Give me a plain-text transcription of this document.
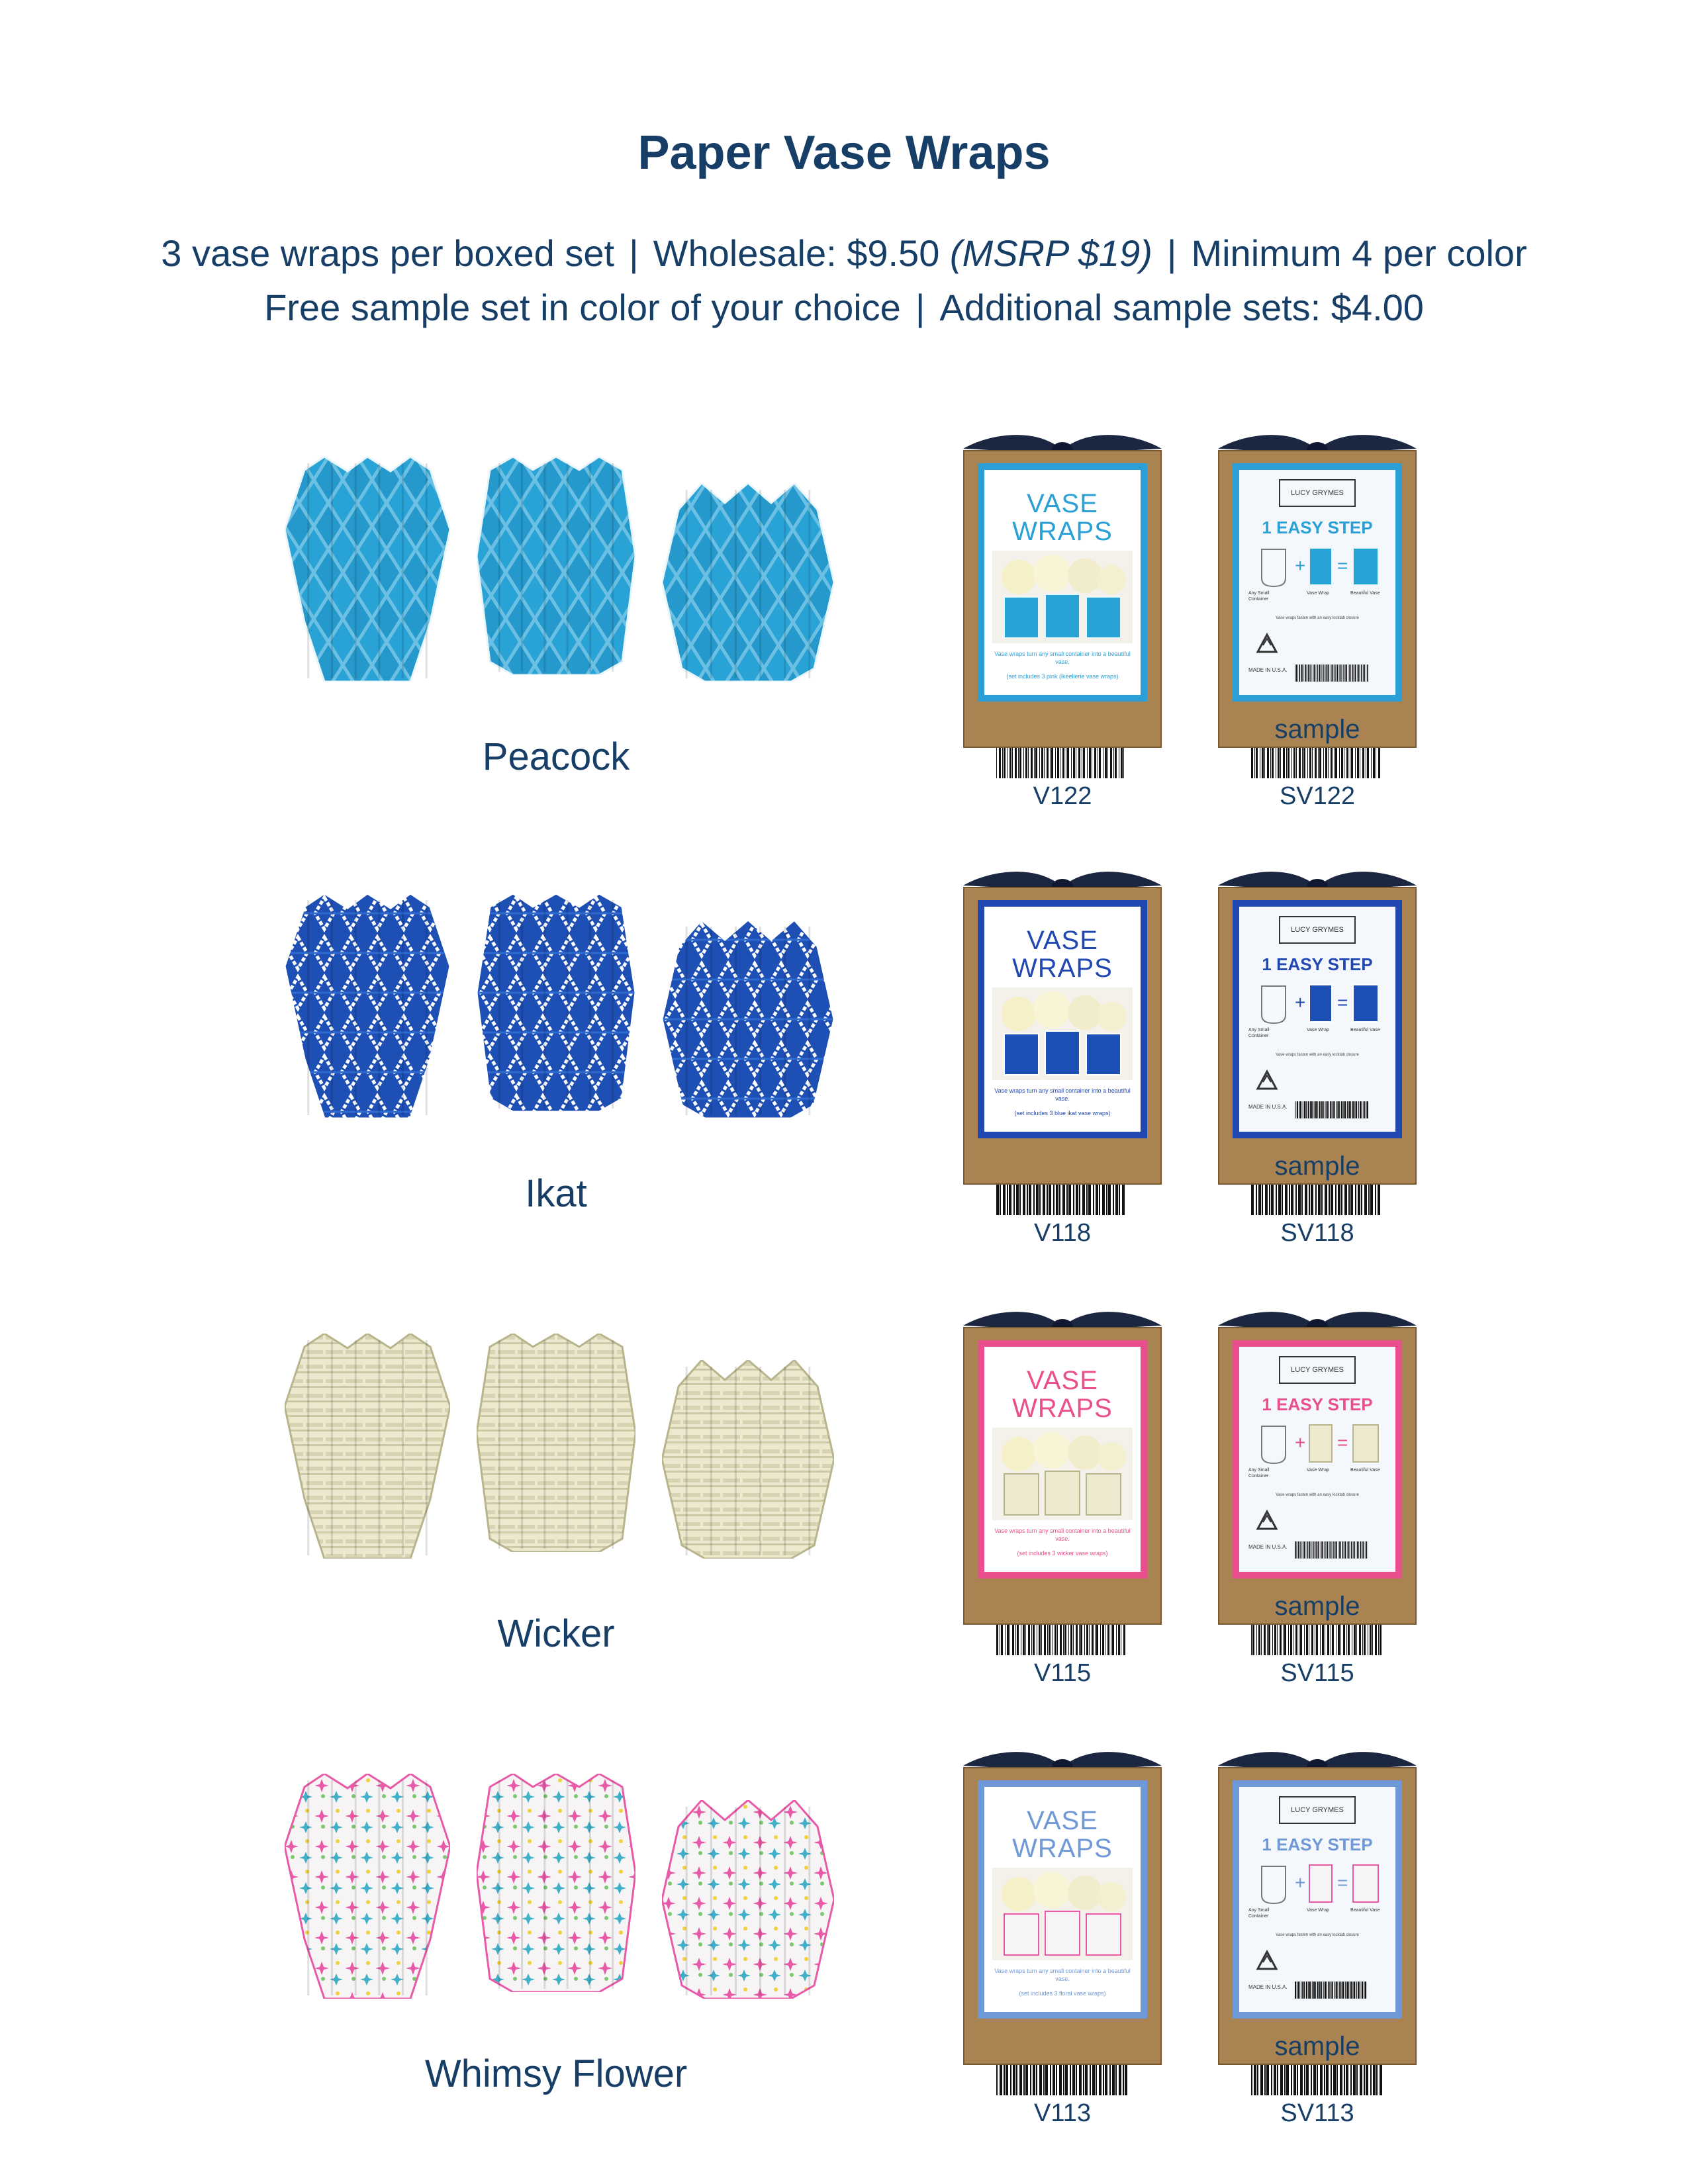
Paper Vase Wraps
3 vase wraps per boxed set | Wholesale: $9.50 (MSRP $19) | Minimum 4 per color
Free sample set in color of your choice | Additional sample sets: $4.00
Peacock
VASE
WRAPS
Vase wraps turn any small container into a beautiful vase.
(set includes 3 pink (ikeelierie vase wraps)
LUCY GRYMES
1 EASY STEP
+ =
Any Small Container
Vase Wrap	Beautiful Vase
Vase wraps fasten with an easy locktab closure
MADE IN U.S.A.
sample
V122	SV122
Ikat
VASE
WRAPS
Vase wraps turn any small container into a beautiful vase.
(set includes 3 blue ikat vase wraps)
LUCY GRYMES
1 EASY STEP
+ =
Any Small Container
Vase Wrap	Beautiful Vase
Vase wraps fasten with an easy locktab closure
MADE IN U.S.A.
sample
V118	SV118
Wicker
VASE
WRAPS
Vase wraps turn any small container into a beautiful vase.
(set includes 3 wicker vase wraps)
LUCY GRYMES
1 EASY STEP
+ =
Any Small Container
Vase Wrap	Beautiful Vase
Vase wraps fasten with an easy locktab closure
MADE IN U.S.A.
sample
V115	SV115
Whimsy Flower
VASE
WRAPS
Vase wraps turn any small container into a beautiful vase.
(set includes 3 floral vase wraps)
LUCY GRYMES
1 EASY STEP
+ =
Any Small Container
Vase Wrap	Beautiful Vase
Vase wraps fasten with an easy locktab closure
MADE IN U.S.A.
sample
V113	SV113
